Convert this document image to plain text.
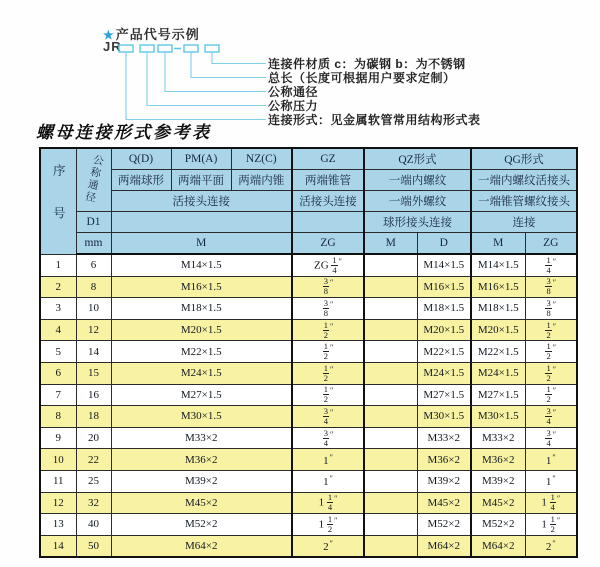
★产品代号示例
JR
连接件材质 c：为碳钢 b：为不锈钢
总长（长度可根据用户要求定制）
公称通径
公称压力
连接形式：见金属软管常用结构形式表
螺母连接形式参考表
序号	公称通径	Q(D)	PM(A)	NZ(C)	GZ	QZ形式		QG形式	
		两端球形	两端平面	两端内锥	两端锥管	一端内螺纹		一端内螺纹活接头	
		活接头连接			活接头连接	一端外螺纹		一端锥管螺纹接头	
	D1					球形接头连接		连接	
	mm	M			ZG	M	D	M	ZG
1	6	M14×1.5			ZG $\frac{1}{4} ''$		M14×1.5	M14×1.5	$\frac{1}{4} ''$
2	8	M16×1.5			$\frac{3}{8} ''$		M16×1.5	M16×1.5	$\frac{3}{8} ''$
3	10	M18×1.5			$\frac{3}{8} ''$		M18×1.5	M18×1.5	$\frac{3}{8} ''$
4	12	M20×1.5			$\frac{1}{2} ''$		M20×1.5	M20×1.5	$\frac{1}{2} ''$
5	14	M22×1.5			$\frac{1}{2} ''$		M22×1.5	M22×1.5	$\frac{1}{2} ''$
6	15	M24×1.5			$\frac{1}{2} ''$		M24×1.5	M24×1.5	$\frac{1}{2} ''$
7	16	M27×1.5			$\frac{1}{2} ''$		M27×1.5	M27×1.5	$\frac{1}{2} ''$
8	18	M30×1.5			$\frac{3}{4} ''$		M30×1.5	M30×1.5	$\frac{3}{4} ''$
9	20	M33×2			$\frac{3}{4} ''$		M33×2	M33×2	$\frac{3}{4} ''$
10	22	M36×2			1″		M36×2	M36×2	1″
11	25	M39×2			1″		M39×2	M39×2	1″
12	32	M45×2			$1 \frac{1}{4} ''$		M45×2	M45×2	$1 \frac{1}{4} ''$
13	40	M52×2			$1 \frac{1}{2} ''$		M52×2	M52×2	$1 \frac{1}{2} ''$
14	50	M64×2			2″		M64×2	M64×2	2″
